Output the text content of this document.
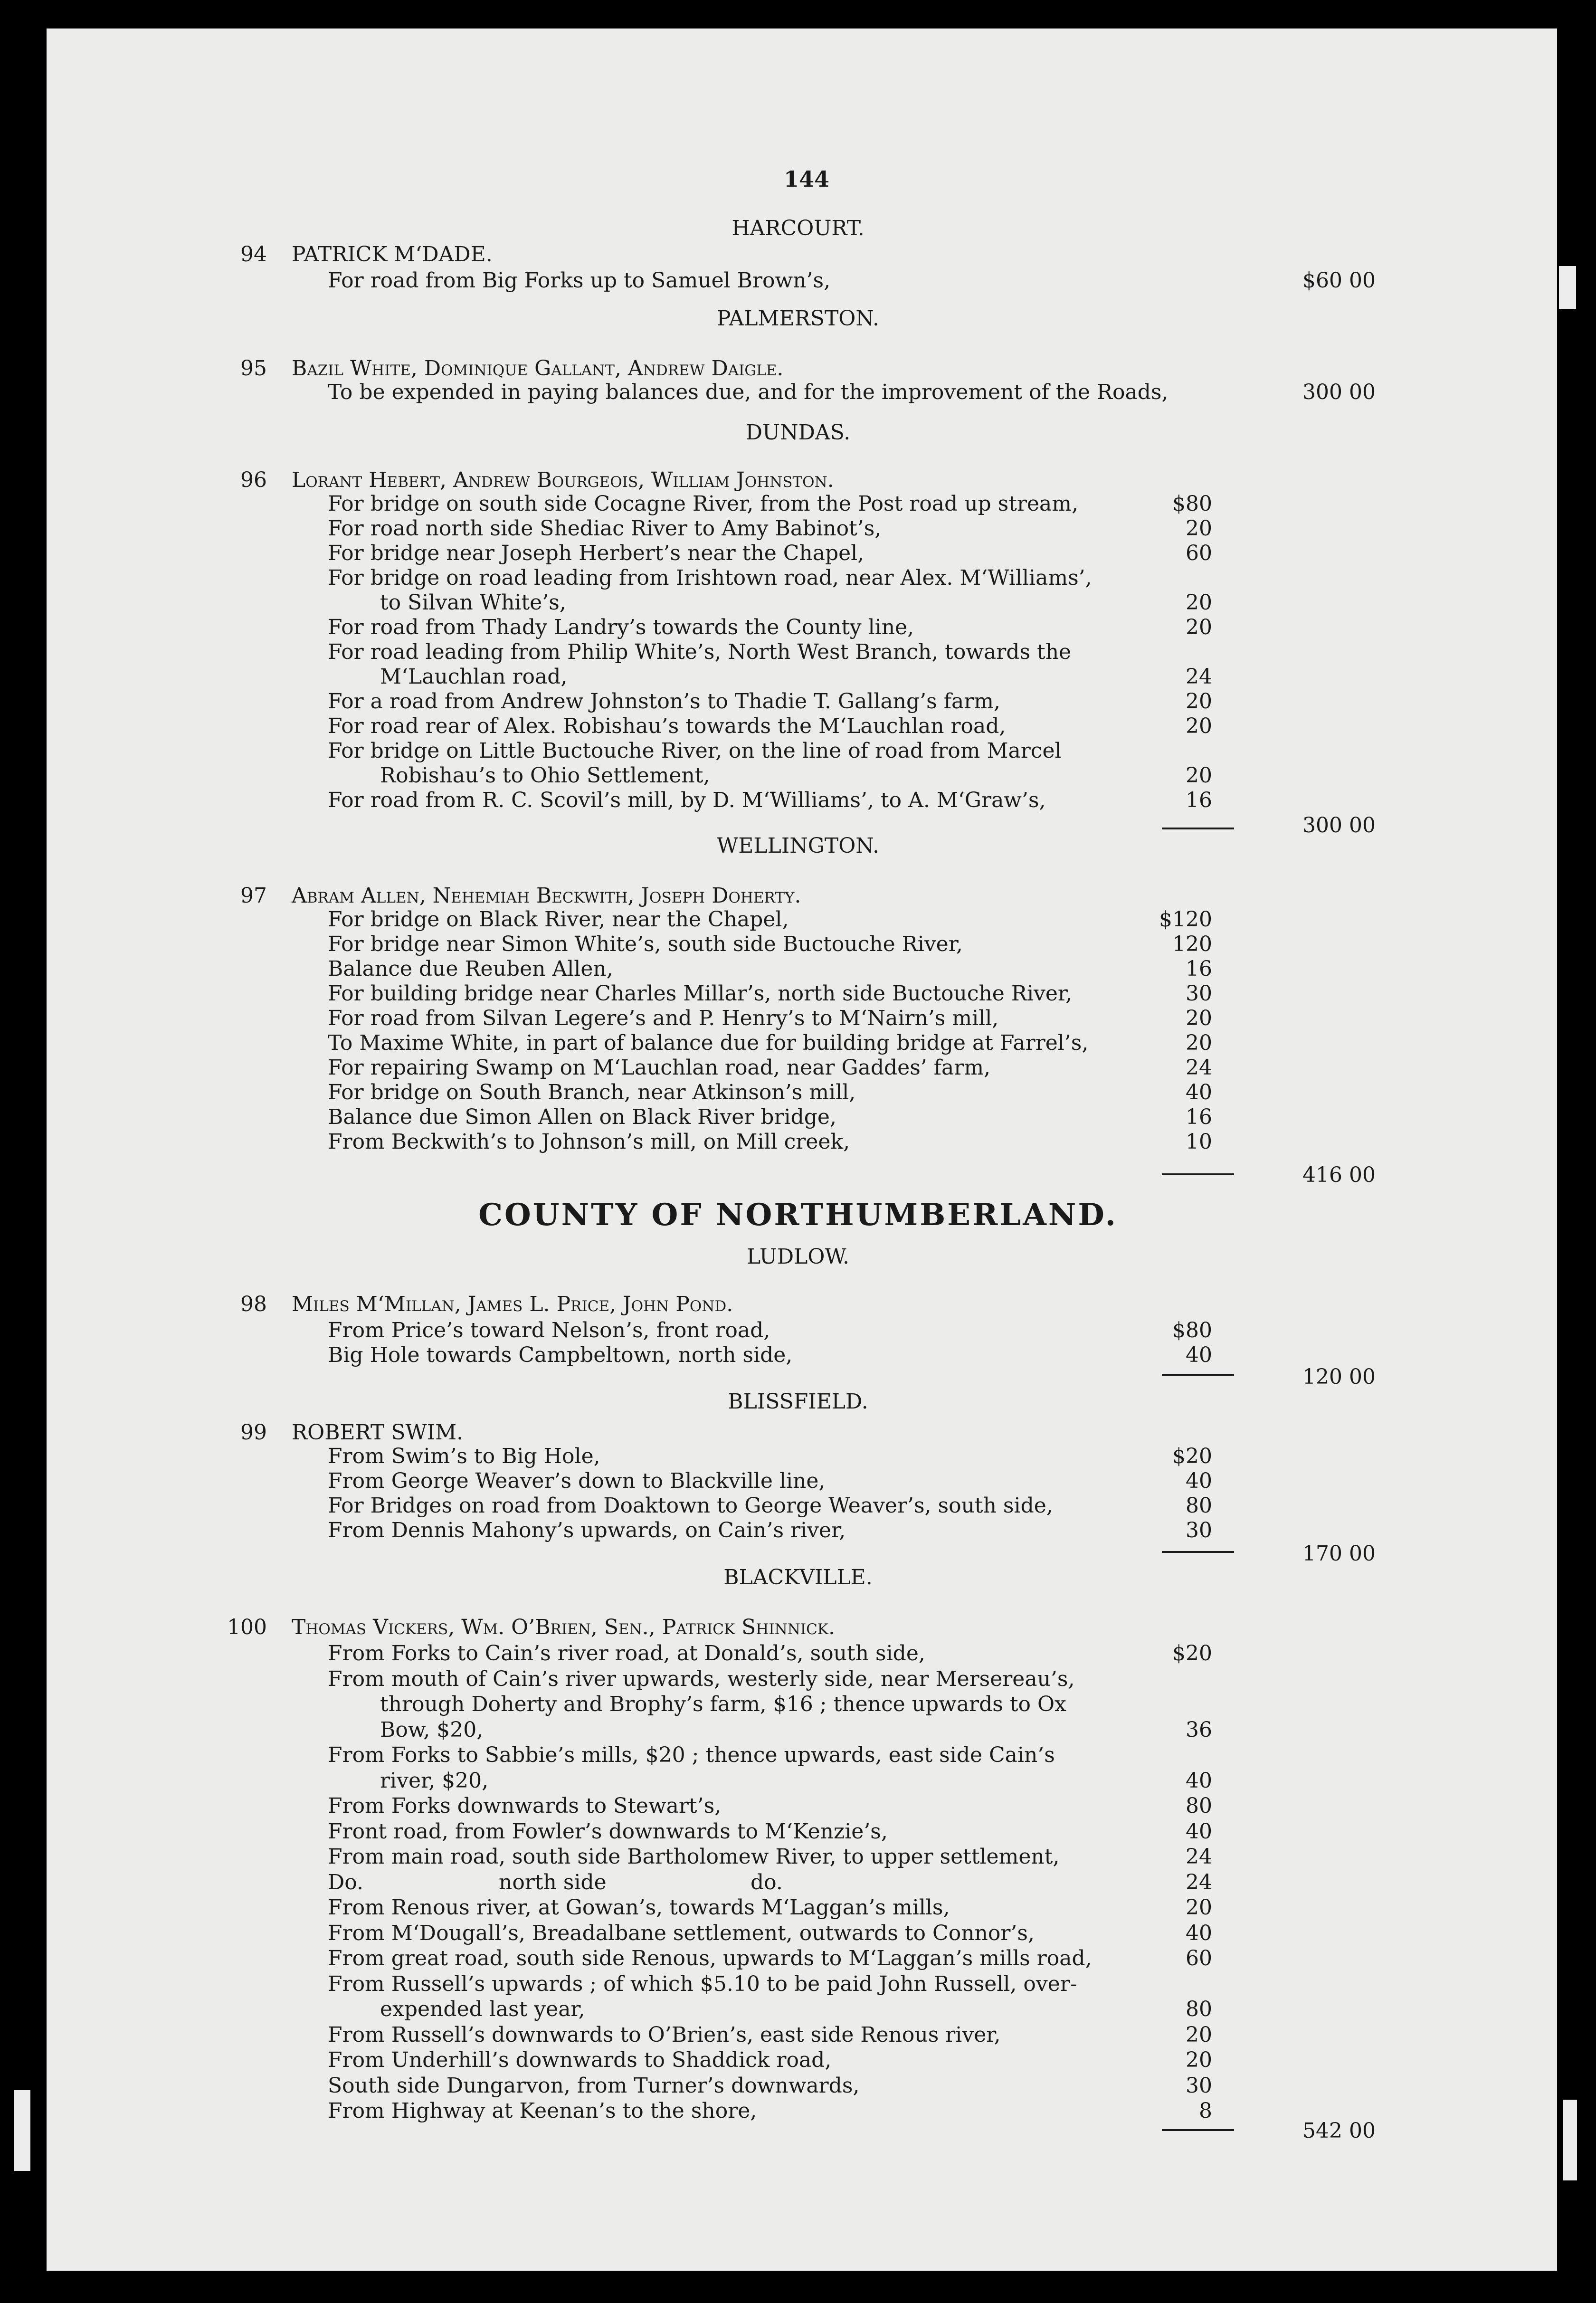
144
COUNTY OF NORTHUMBERLAND.
HARCOURT.
94 PATRICK M‘DADE.
For road from Big Forks up to Samuel Brown’s,	$60 00
PALMERSTON.
95 Bazil White, Dominique Gallant, Andrew Daigle.
To be expended in paying balances due, and for the improvement of the Roads,	300 00
DUNDAS.
96 Lorant Hebert, Andrew Bourgeois, William Johnston.
For bridge on south side Cocagne River, from the Post road up stream,	$80
For road north side Shediac River to Amy Babinot’s,	20
For bridge near Joseph Herbert’s near the Chapel,	60
For bridge on road leading from Irishtown road, near Alex. M‘Williams’,
to Silvan White’s,	20
For road from Thady Landry’s towards the County line,	20
For road leading from Philip White’s, North West Branch, towards the
M‘Lauchlan road,	24
For a road from Andrew Johnston’s to Thadie T. Gallang’s farm,	20
For road rear of Alex. Robishau’s towards the M‘Lauchlan road,	20
For bridge on Little Buctouche River, on the line of road from Marcel
Robishau’s to Ohio Settlement,	20
For road from R. C. Scovil’s mill, by D. M‘Williams’, to A. M‘Graw’s,	16
300 00
WELLINGTON.
97 Abram Allen, Nehemiah Beckwith, Joseph Doherty.
For bridge on Black River, near the Chapel,	$120
For bridge near Simon White’s, south side Buctouche River,	120
Balance due Reuben Allen,	16
For building bridge near Charles Millar’s, north side Buctouche River,	30
For road from Silvan Legere’s and P. Henry’s to M‘Nairn’s mill,	20
To Maxime White, in part of balance due for building bridge at Farrel’s,	20
For repairing Swamp on M‘Lauchlan road, near Gaddes’ farm,	24
For bridge on South Branch, near Atkinson’s mill,	40
Balance due Simon Allen on Black River bridge,	16
From Beckwith’s to Johnson’s mill, on Mill creek,	10
416 00
LUDLOW.
98 Miles M‘Millan, James L. Price, John Pond.
From Price’s toward Nelson’s, front road,	$80
Big Hole towards Campbeltown, north side,	40
120 00
BLISSFIELD.
99 ROBERT SWIM.
From Swim’s to Big Hole,	$20
From George Weaver’s down to Blackville line,	40
For Bridges on road from Doaktown to George Weaver’s, south side,	80
From Dennis Mahony’s upwards, on Cain’s river,	30
170 00
BLACKVILLE.
100 Thomas Vickers, Wm. O’Brien, Sen., Patrick Shinnick.
From Forks to Cain’s river road, at Donald’s, south side,	$20
From mouth of Cain’s river upwards, westerly side, near Mersereau’s,
through Doherty and Brophy’s farm, $16 ; thence upwards to Ox
Bow, $20,	36
From Forks to Sabbie’s mills, $20 ; thence upwards, east side Cain’s
river, $20,	40
From Forks downwards to Stewart’s,	80
Front road, from Fowler’s downwards to M‘Kenzie’s,	40
From main road, south side Bartholomew River, to upper settlement,	24
Do.	north side	do.	24
From Renous river, at Gowan’s, towards M‘Laggan’s mills,	20
From M‘Dougall’s, Breadalbane settlement, outwards to Connor’s,	40
From great road, south side Renous, upwards to M‘Laggan’s mills road,	60
From Russell’s upwards ; of which $5.10 to be paid John Russell, over-
expended last year,	80
From Russell’s downwards to O’Brien’s, east side Renous river,	20
From Underhill’s downwards to Shaddick road,	20
South side Dungarvon, from Turner’s downwards,	30
From Highway at Keenan’s to the shore,	8
542 00
